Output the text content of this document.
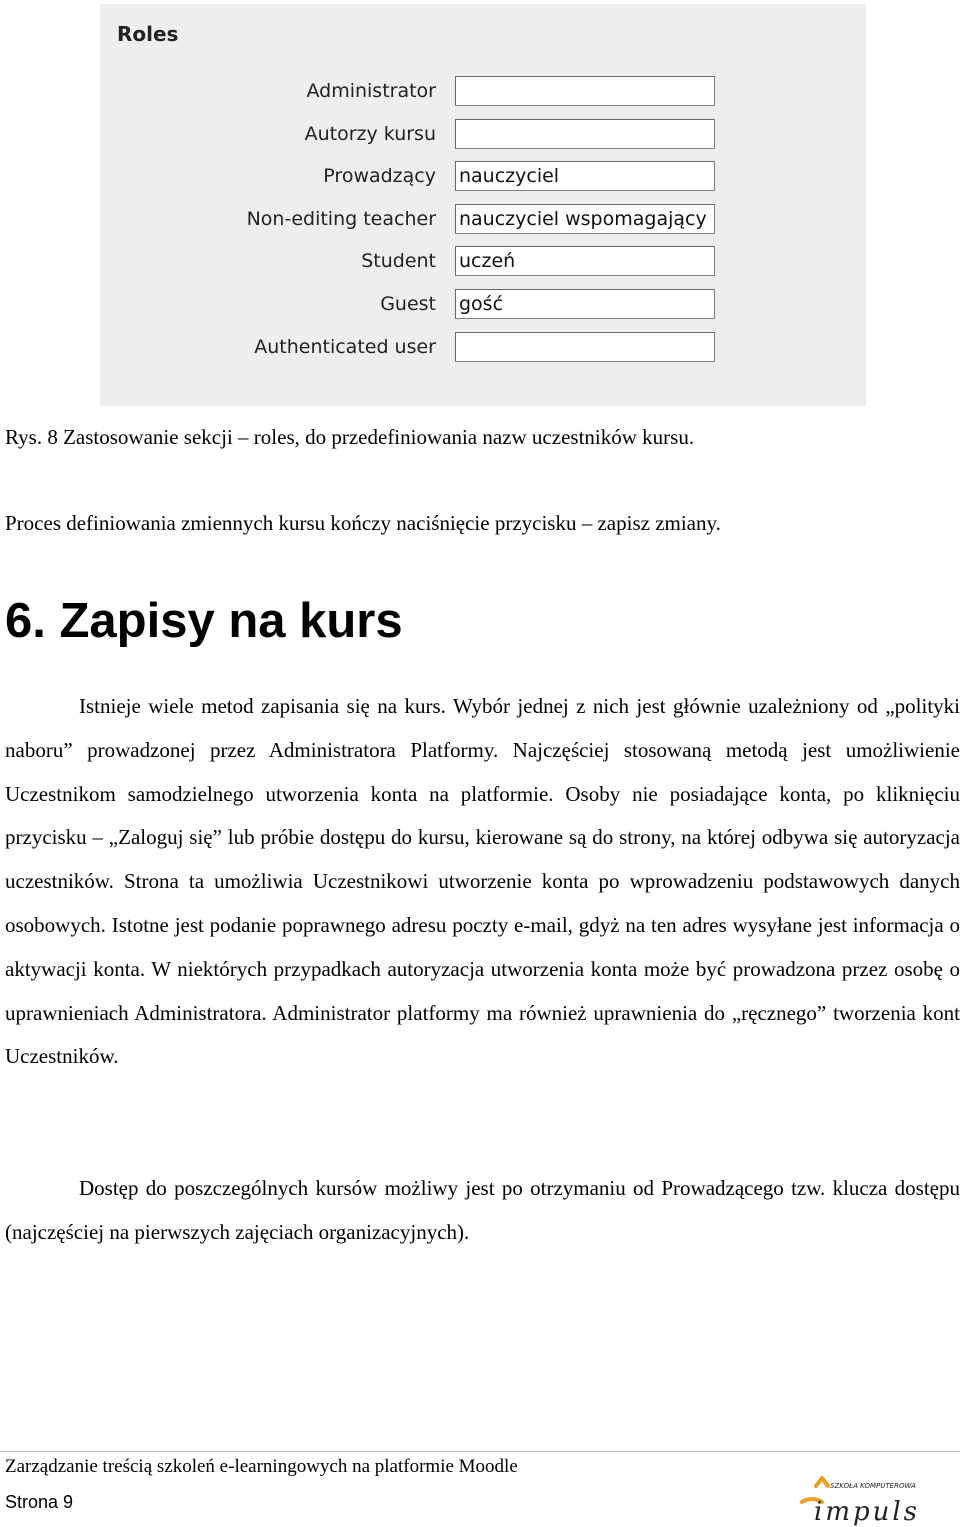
Roles
Administrator
Autorzy kursu
Prowadzący
nauczyciel
Non-editing teacher
nauczyciel wspomagający
Student
uczeń
Guest
gość
Authenticated user
Rys. 8 Zastosowanie sekcji – roles, do przedefiniowania nazw uczestników kursu.
Proces definiowania zmiennych kursu kończy naciśnięcie przycisku – zapisz zmiany.
6. Zapisy na kurs
Istnieje wiele metod zapisania się na kurs. Wybór jednej z nich jest głównie uzależniony od „polityki naboru” prowadzonej przez Administratora Platformy. Najczęściej stosowaną metodą jest umożliwienie Uczestnikom samodzielnego utworzenia konta na platformie. Osoby nie posiadające konta, po kliknięciu przycisku – „Zaloguj się” lub próbie dostępu do kursu, kierowane są do strony, na której odbywa się autoryzacja uczestników. Strona ta umożliwia Uczestnikowi utworzenie konta po wprowadzeniu podstawowych danych osobowych. Istotne jest podanie poprawnego adresu poczty e-mail, gdyż na ten adres wysyłane jest informacja o aktywacji konta. W niektórych przypadkach autoryzacja utworzenia konta może być prowadzona przez osobę o uprawnieniach Administratora. Administrator platformy ma również uprawnienia do „ręcznego” tworzenia kont Uczestników.
Dostęp do poszczególnych kursów możliwy jest po otrzymaniu od Prowadzącego tzw. klucza dostępu (najczęściej na pierwszych zajęciach organizacyjnych).
Zarządzanie treścią szkoleń e-learningowych na platformie Moodle
Strona 9
SZKOŁA KOMPUTEROWA
impuls
